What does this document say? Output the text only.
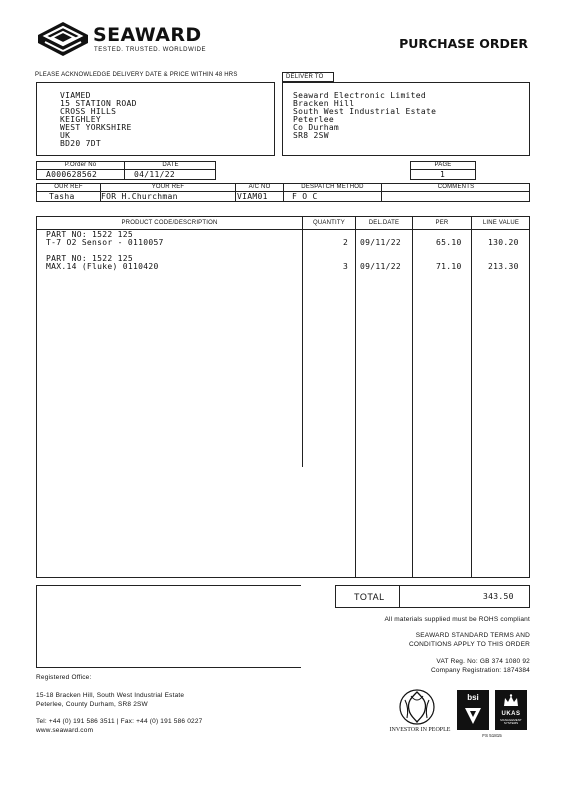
SEAWARD
TESTED. TRUSTED. WORLDWIDE	PURCHASE ORDER
PLEASE ACKNOWLEDGE DELIVERY DATE & PRICE WITHIN 48 HRS	DELIVER TO
VIAMED
15 STATION ROAD
CROSS HILLS
KEIGHLEY
WEST YORKSHIRE
UK
BD20 7DT
Seaward Electronic Limited
Bracken Hill
South West Industrial Estate
Peterlee
Co Durham
SR8 2SW
P.Order No	DATE
A000628562	04/11/22
PAGE
1
OUR REF	YOUR REF	A/C NO	DESPATCH METHOD	COMMENTS
Tasha	FOR H.Churchman	VIAM01	F O C
PRODUCT CODE/DESCRIPTION	QUANTITY	DEL.DATE	PER	LINE VALUE
PART NO: 1522 125
T-7 O2 Sensor - 0110057	2 09/11/22	65.10	130.20
PART NO: 1522 125
MAX.14 (Fluke) 0110420	3 09/11/22	71.10	213.30
TOTAL	343.50
All materials supplied must be ROHS compliant
SEAWARD STANDARD TERMS AND
CONDITIONS APPLY TO THIS ORDER
VAT Reg. No: GB 374 1080 92
Company Registration: 1874384
Registered Office:
15-18 Bracken Hill, South West Industrial Estate
Peterlee, County Durham, SR8 2SW
Tel: +44 (0) 191 586 3511 | Fax: +44 (0) 191 586 0227
www.seaward.com	INVESTOR IN PEOPLE
bsi
UKAS
MANAGEMENT SYSTEMS
FS 51815
